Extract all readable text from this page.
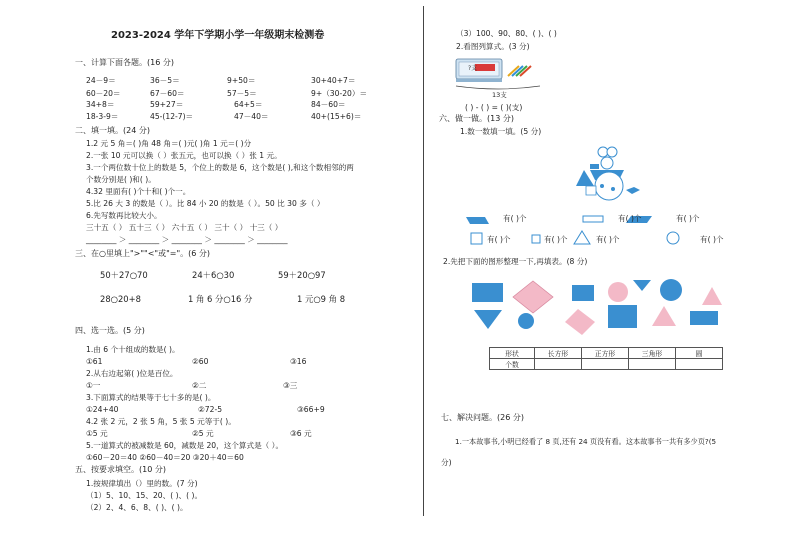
2023-2024 学年下学期小学一年级期末检测卷
一、计算下面各题。(16 分)
24－9＝	36－5＝	9+50＝	30+40+7＝
60－20＝	67－60＝	57－5＝	9+（30-20）＝
34+8＝	59+27＝	64+5＝	84－60＝
18-3-9＝	45-(12-7)＝	47－40＝	40+(15+6)＝
二、填一填。(24 分)
1.2 元 5 角＝( )角 48 角＝( )元( )角 1 元＝( )分
2.一张 10 元可以换（ ）张五元，也可以换（ ）张 1 元。
3.一个两位数十位上的数是 5，个位上的数是 6，这个数是( ),和这个数相邻的两
个数分别是( )和( )。
4.32 里面有( )个十和( )个一。
5.比 26 大 3 的数是（ ）。比 84 小 20 的数是（ ）。50 比 30 多（ ）
6.先写数再比较大小。
三十五（ ） 五十三（ ） 六十五（ ） 三十（ ） 十三（ ）
________ ＞ ________ ＞ ________ ＞ ________ ＞ ________
三、在○里填上">""<"或"="。(6 分)
50＋27○70	24＋6○30	59＋20○97
28○20+8	1 角 6 分○16 分	1 元○9 角 8
四、选一选。(5 分)
1.由 6 个十组成的数是( )。
①61	②60	③16
2.从右边起第( )位是百位。
①一	②二	③三
3.下面算式的结果等于七十多的是( )。
①24+40	②72-5	③66+9
4.2 张 2 元，2 张 5 角，5 张 5 元等于( )。
①5 元	②5 元	③6 元
5.一道算式的被减数是 60，减数是 20，这个算式是（ ）。
①60－20＝40 ②60－40＝20 ③20＋40＝60
五、按要求填空。(10 分)
1.按规律填出（）里的数。(7 分)
（1）5、10、15、20、( )、( )。
（2）2、4、6、8、( )、( )。
（3）100、90、80、( )、( )
2.看图列算式。(3 分)
?支
13支
( ) - ( ) = ( )(支)
六、做一做。(13 分)
1.数一数填一填。(5 分)
有( )个	有( )个	有( )个
有( )个	有( )个	有( )个	有( )个
2.先把下面的图形整理一下,再填表。(8 分)
形状	长方形	正方形	三角形	圆
个数				
七、解决问题。(26 分)
1.一本故事书,小明已经看了 8 页,还有 24 页没有看。这本故事书一共有多少页?(5
分)
